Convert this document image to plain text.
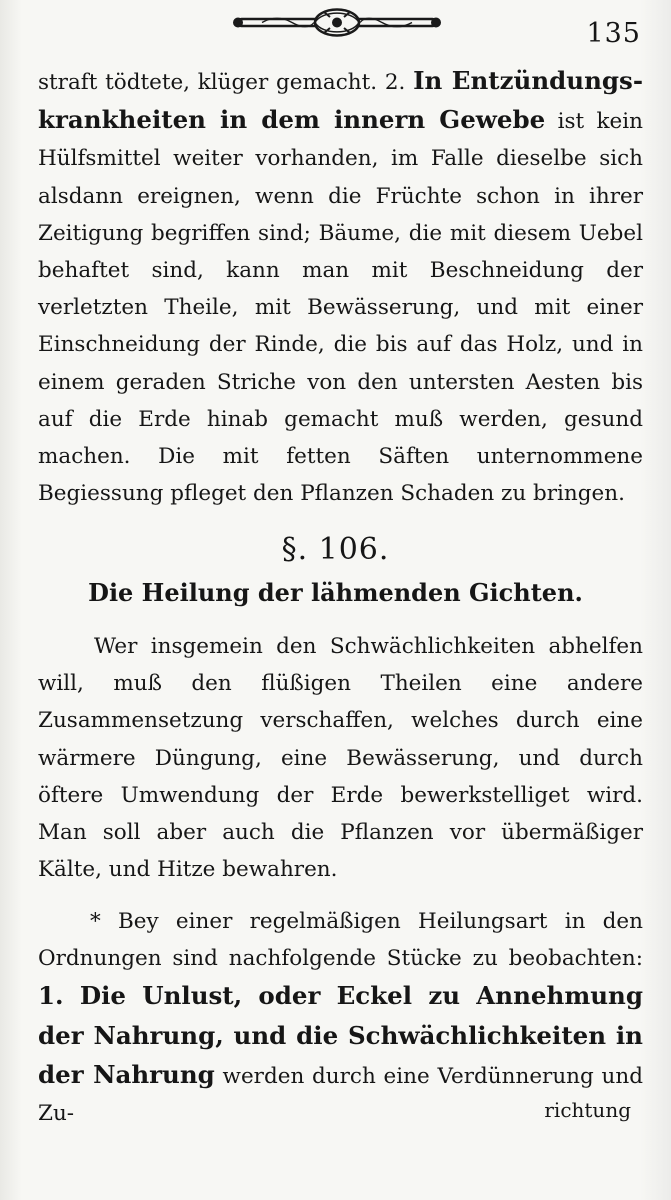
135

straft tödtete, klüger gemacht. 2. In Entzündungs-krankheiten in dem innern Gewebe ist kein Hülfsmittel weiter vorhanden, im Falle dieselbe sich alsdann ereignen, wenn die Früchte schon in ihrer Zeitigung begriffen sind; Bäume, die mit diesem Uebel behaftet sind, kann man mit Beschneidung der verletzten Theile, mit Bewässerung, und mit einer Einschneidung der Rinde, die bis auf das Holz, und in einem geraden Striche von den untersten Aesten bis auf die Erde hinab gemacht muß werden, gesund machen. Die mit fetten Säften unternommene Begiessung pfleget den Pflanzen Schaden zu bringen.

§. 106.
Die Heilung der lähmenden Gichten.

Wer insgemein den Schwächlichkeiten abhelfen will, muß den flüßigen Theilen eine andere Zusammensetzung verschaffen, welches durch eine wärmere Düngung, eine Bewässerung, und durch öftere Umwendung der Erde bewerkstelliget wird. Man soll aber auch die Pflanzen vor übermäßiger Kälte, und Hitze bewahren.

* Bey einer regelmäßigen Heilungsart in den Ordnungen sind nachfolgende Stücke zu beobachten: 1. Die Unlust, oder Eckel zu Annehmung der Nahrung, und die Schwächlichkeiten in der Nahrung werden durch eine Verdünnerung und Zu-	richtung
